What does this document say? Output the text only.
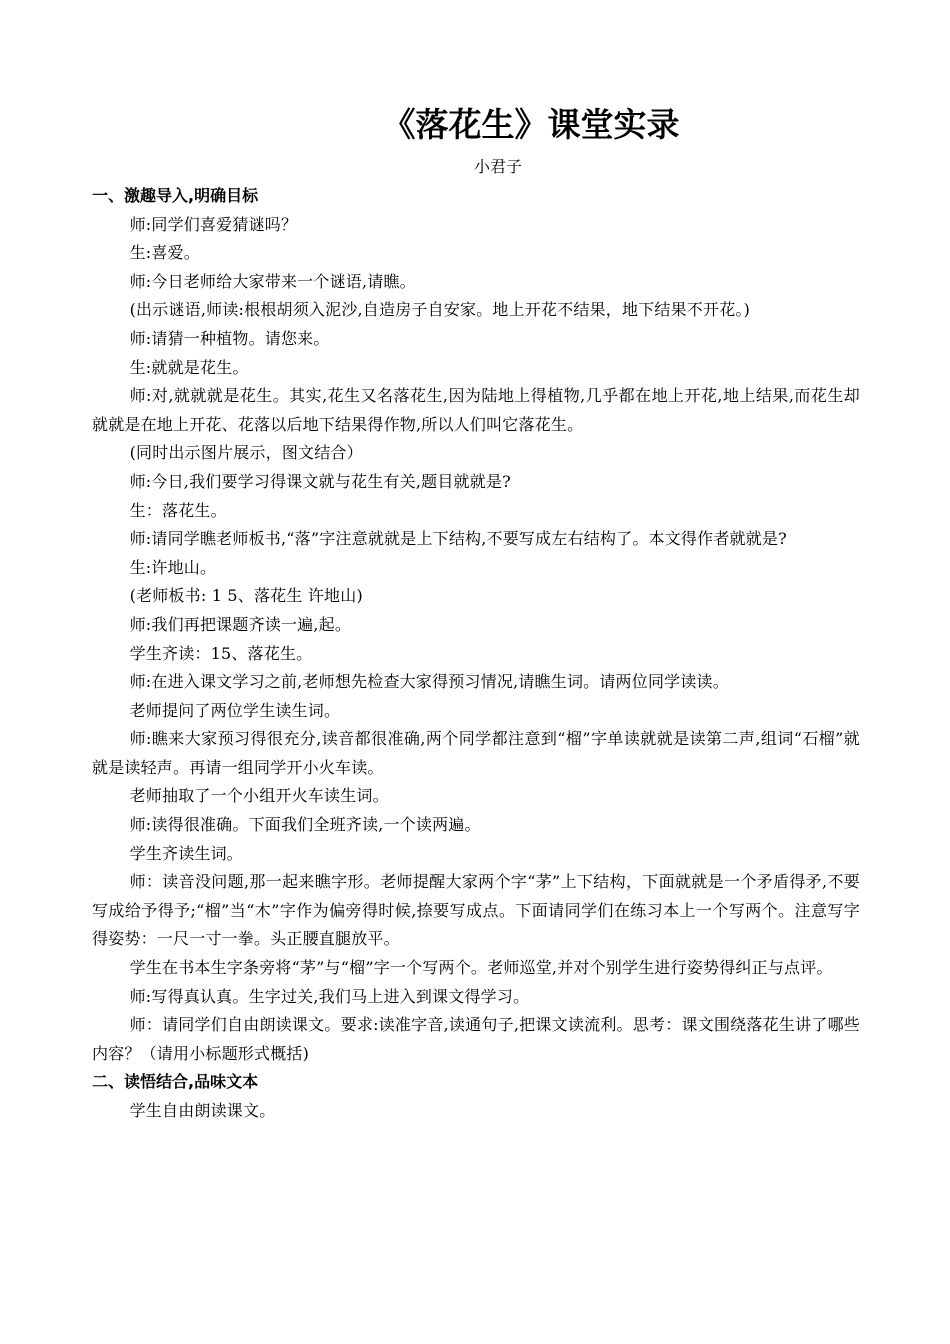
《落花生》课堂实录

小君子

一、激趣导入,明确目标

师:同学们喜爱猜谜吗？

生:喜爱。

师:今日老师给大家带来一个谜语,请瞧。

(出示谜语,师读:根根胡须入泥沙,自造房子自安家。地上开花不结果，地下结果不开花。)

师:请猜一种植物。请您来。

生:就就是花生。

师:对,就就就是花生。其实,花生又名落花生,因为陆地上得植物,几乎都在地上开花,地上结果,而花生却就就是在地上开花、花落以后地下结果得作物,所以人们叫它落花生。

(同时出示图片展示，图文结合）

师:今日,我们要学习得课文就与花生有关,题目就就是?

生：落花生。

师:请同学瞧老师板书,“落”字注意就就是上下结构,不要写成左右结构了。本文得作者就就是?

生:许地山。

(老师板书: 1 5、落花生 许地山)

师:我们再把课题齐读一遍,起。

学生齐读：15、落花生。

师:在进入课文学习之前,老师想先检查大家得预习情况,请瞧生词。请两位同学读读。

老师提问了两位学生读生词。

师:瞧来大家预习得很充分,读音都很准确,两个同学都注意到“榴”字单读就就是读第二声,组词“石榴”就就是读轻声。再请一组同学开小火车读。

老师抽取了一个小组开火车读生词。

师:读得很准确。下面我们全班齐读,一个读两遍。

学生齐读生词。

师：读音没问题,那一起来瞧字形。老师提醒大家两个字“茅”上下结构，下面就就是一个矛盾得矛,不要写成给予得予;“榴”当“木”字作为偏旁得时候,捺要写成点。下面请同学们在练习本上一个写两个。注意写字得姿势：一尺一寸一拳。头正腰直腿放平。

学生在书本生字条旁将“茅”与“榴”字一个写两个。老师巡堂,并对个别学生进行姿势得纠正与点评。

师:写得真认真。生字过关,我们马上进入到课文得学习。

师：请同学们自由朗读课文。要求:读准字音,读通句子,把课文读流利。思考：课文围绕落花生讲了哪些内容？（请用小标题形式概括)

二、读悟结合,品味文本

学生自由朗读课文。
